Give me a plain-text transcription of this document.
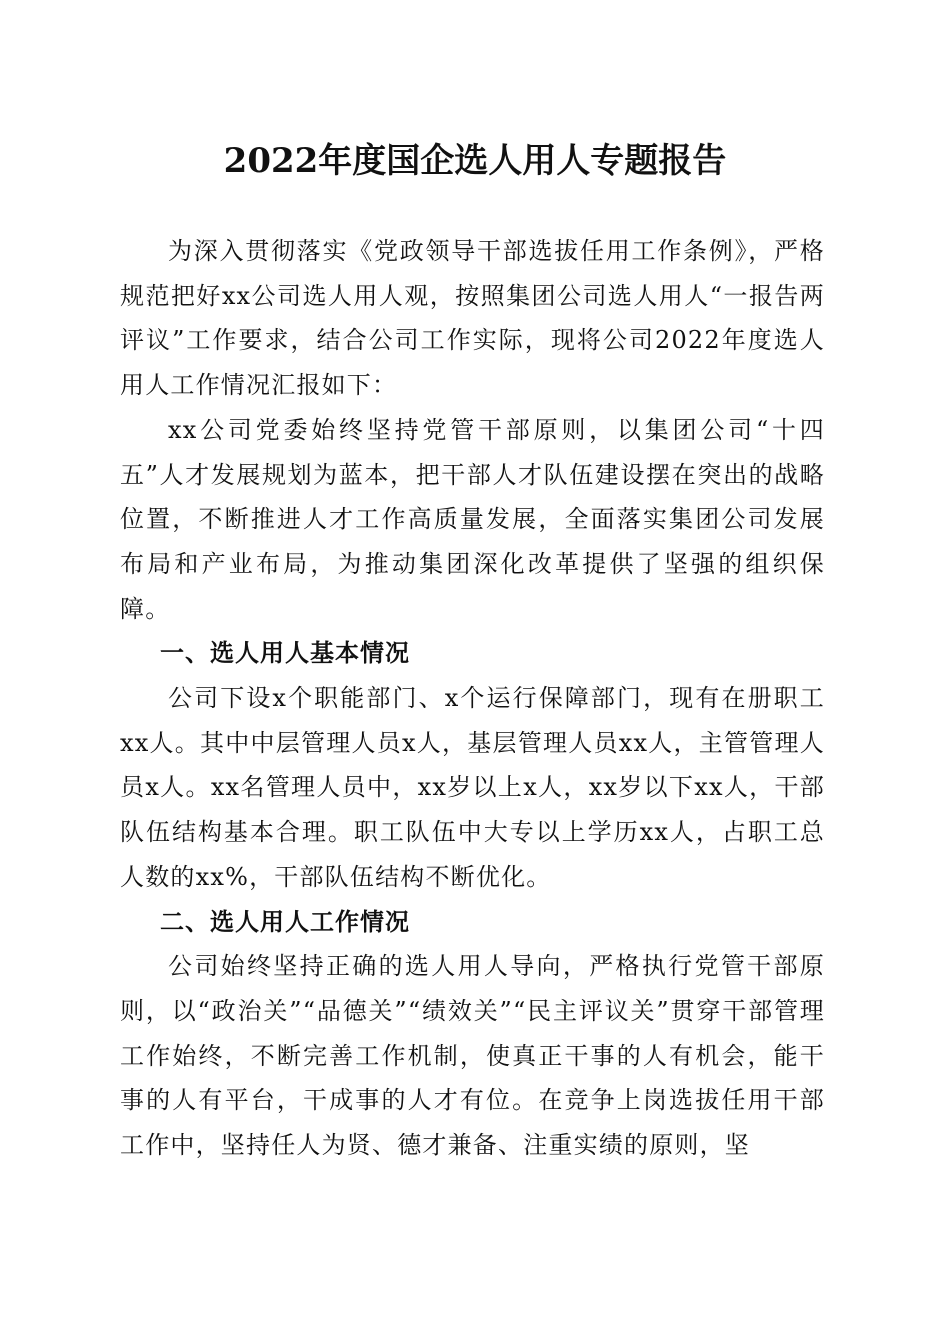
2022年度国企选人用人专题报告

为深入贯彻落实《党政领导干部选拔任用工作条例》，严格规范把好xx公司选人用人观，按照集团公司选人用人“一报告两评议”工作要求，结合公司工作实际，现将公司2022年度选人用人工作情况汇报如下：

xx公司党委始终坚持党管干部原则，以集团公司“十四五”人才发展规划为蓝本，把干部人才队伍建设摆在突出的战略位置，不断推进人才工作高质量发展，全面落实集团公司发展布局和产业布局，为推动集团深化改革提供了坚强的组织保障。

一、选人用人基本情况

公司下设x个职能部门、x个运行保障部门，现有在册职工xx人。其中中层管理人员x人，基层管理人员xx人，主管管理人员x人。xx名管理人员中，xx岁以上x人，xx岁以下xx人，干部队伍结构基本合理。职工队伍中大专以上学历xx人，占职工总人数的xx%，干部队伍结构不断优化。

二、选人用人工作情况

公司始终坚持正确的选人用人导向，严格执行党管干部原则，以“政治关”“品德关”“绩效关”“民主评议关”贯穿干部管理工作始终，不断完善工作机制，使真正干事的人有机会，能干事的人有平台，干成事的人才有位。在竞争上岗选拔任用干部工作中，坚持任人为贤、德才兼备、注重实绩的原则，坚
